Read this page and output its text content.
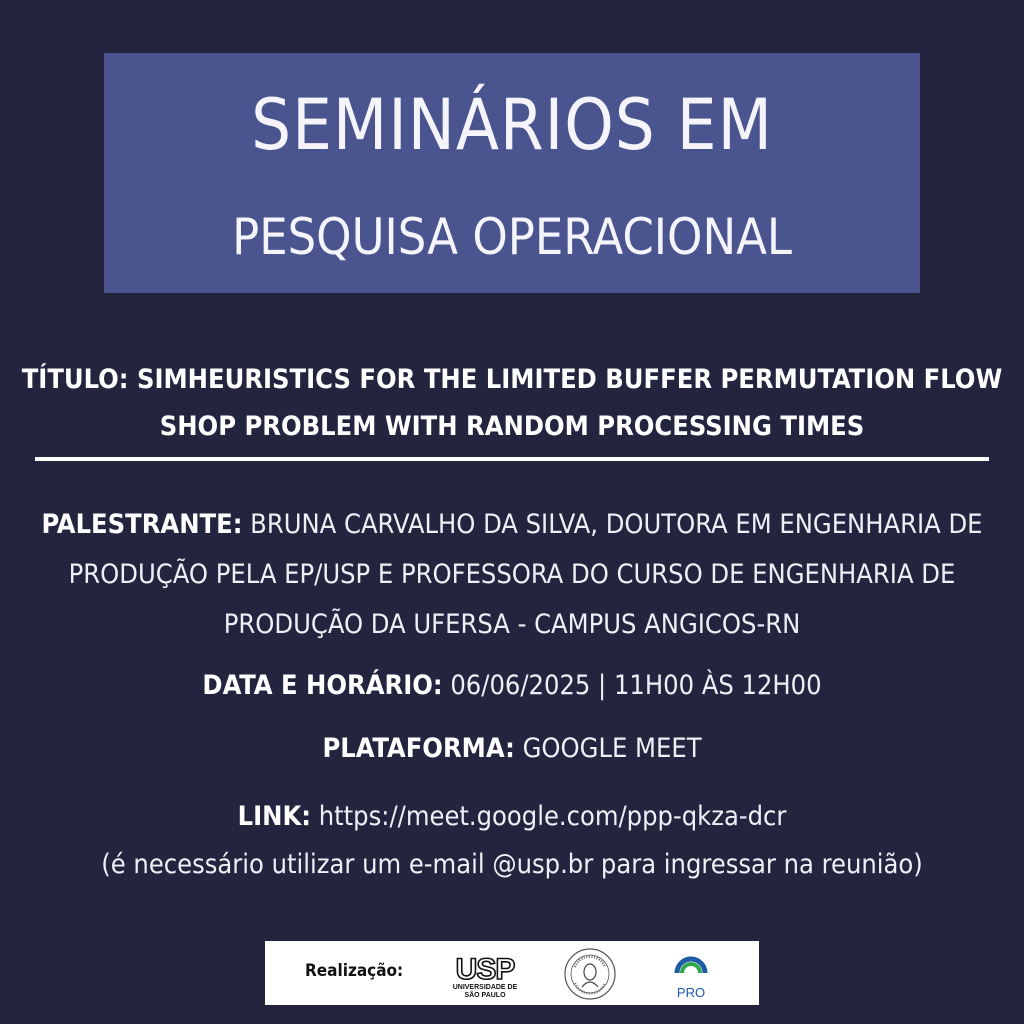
SEMINÁRIOS EM
PESQUISA OPERACIONAL
TÍTULO: SIMHEURISTICS FOR THE LIMITED BUFFER PERMUTATION FLOW SHOP PROBLEM WITH RANDOM PROCESSING TIMES
PALESTRANTE: BRUNA CARVALHO DA SILVA, DOUTORA EM ENGENHARIA DE PRODUÇÃO PELA EP/USP E PROFESSORA DO CURSO DE ENGENHARIA DE PRODUÇÃO DA UFERSA - CAMPUS ANGICOS-RN
DATA E HORÁRIO: 06/06/2025 | 11H00 ÀS 12H00
PLATAFORMA: GOOGLE MEET
LINK: https://meet.google.com/ppp-qkza-dcr
(é necessário utilizar um e-mail @usp.br para ingressar na reunião)
Realização: USP
UNIVERSIDADE DE
SÃO PAULO	PRO
